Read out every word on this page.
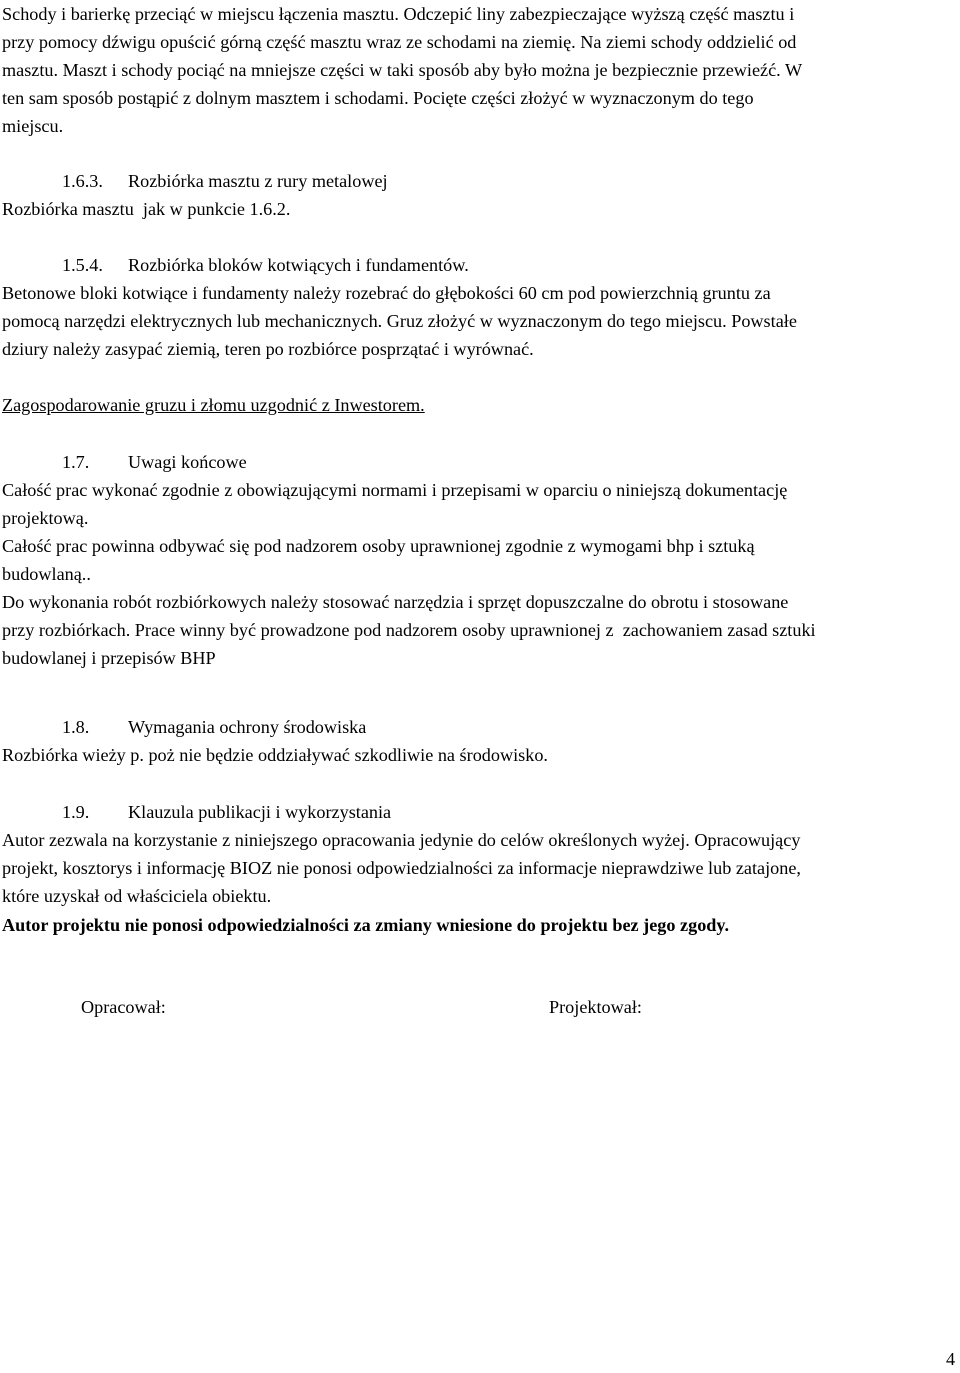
Schody i barierkę przeciąć w miejscu łączenia masztu. Odczepić liny zabezpieczające wyższą część masztu i
przy pomocy dźwigu opuścić górną część masztu wraz ze schodami na ziemię. Na ziemi schody oddzielić od
masztu. Maszt i schody pociąć na mniejsze części w taki sposób aby było można je bezpiecznie przewieźć. W
ten sam sposób postąpić z dolnym masztem i schodami. Pocięte części złożyć w wyznaczonym do tego
miejscu.
1.6.3. Rozbiórka masztu z rury metalowej
Rozbiórka masztu  jak w punkcie 1.6.2.
1.5.4. Rozbiórka bloków kotwiących i fundamentów.
Betonowe bloki kotwiące i fundamenty należy rozebrać do głębokości 60 cm pod powierzchnią gruntu za
pomocą narzędzi elektrycznych lub mechanicznych. Gruz złożyć w wyznaczonym do tego miejscu. Powstałe
dziury należy zasypać ziemią, teren po rozbiórce posprzątać i wyrównać.
Zagospodarowanie gruzu i złomu uzgodnić z Inwestorem.
1.7. Uwagi końcowe
Całość prac wykonać zgodnie z obowiązującymi normami i przepisami w oparciu o niniejszą dokumentację
projektową.
Całość prac powinna odbywać się pod nadzorem osoby uprawnionej zgodnie z wymogami bhp i sztuką
budowlaną..
Do wykonania robót rozbiórkowych należy stosować narzędzia i sprzęt dopuszczalne do obrotu i stosowane
przy rozbiórkach. Prace winny być prowadzone pod nadzorem osoby uprawnionej z  zachowaniem zasad sztuki
budowlanej i przepisów BHP
1.8. Wymagania ochrony środowiska
Rozbiórka wieży p. poż nie będzie oddziaływać szkodliwie na środowisko.
1.9. Klauzula publikacji i wykorzystania
Autor zezwala na korzystanie z niniejszego opracowania jedynie do celów określonych wyżej. Opracowujący
projekt, kosztorys i informację BIOZ nie ponosi odpowiedzialności za informacje nieprawdziwe lub zatajone,
które uzyskał od właściciela obiektu.
Autor projektu nie ponosi odpowiedzialności za zmiany wniesione do projektu bez jego zgody.
Opracował:	Projektował:
4
